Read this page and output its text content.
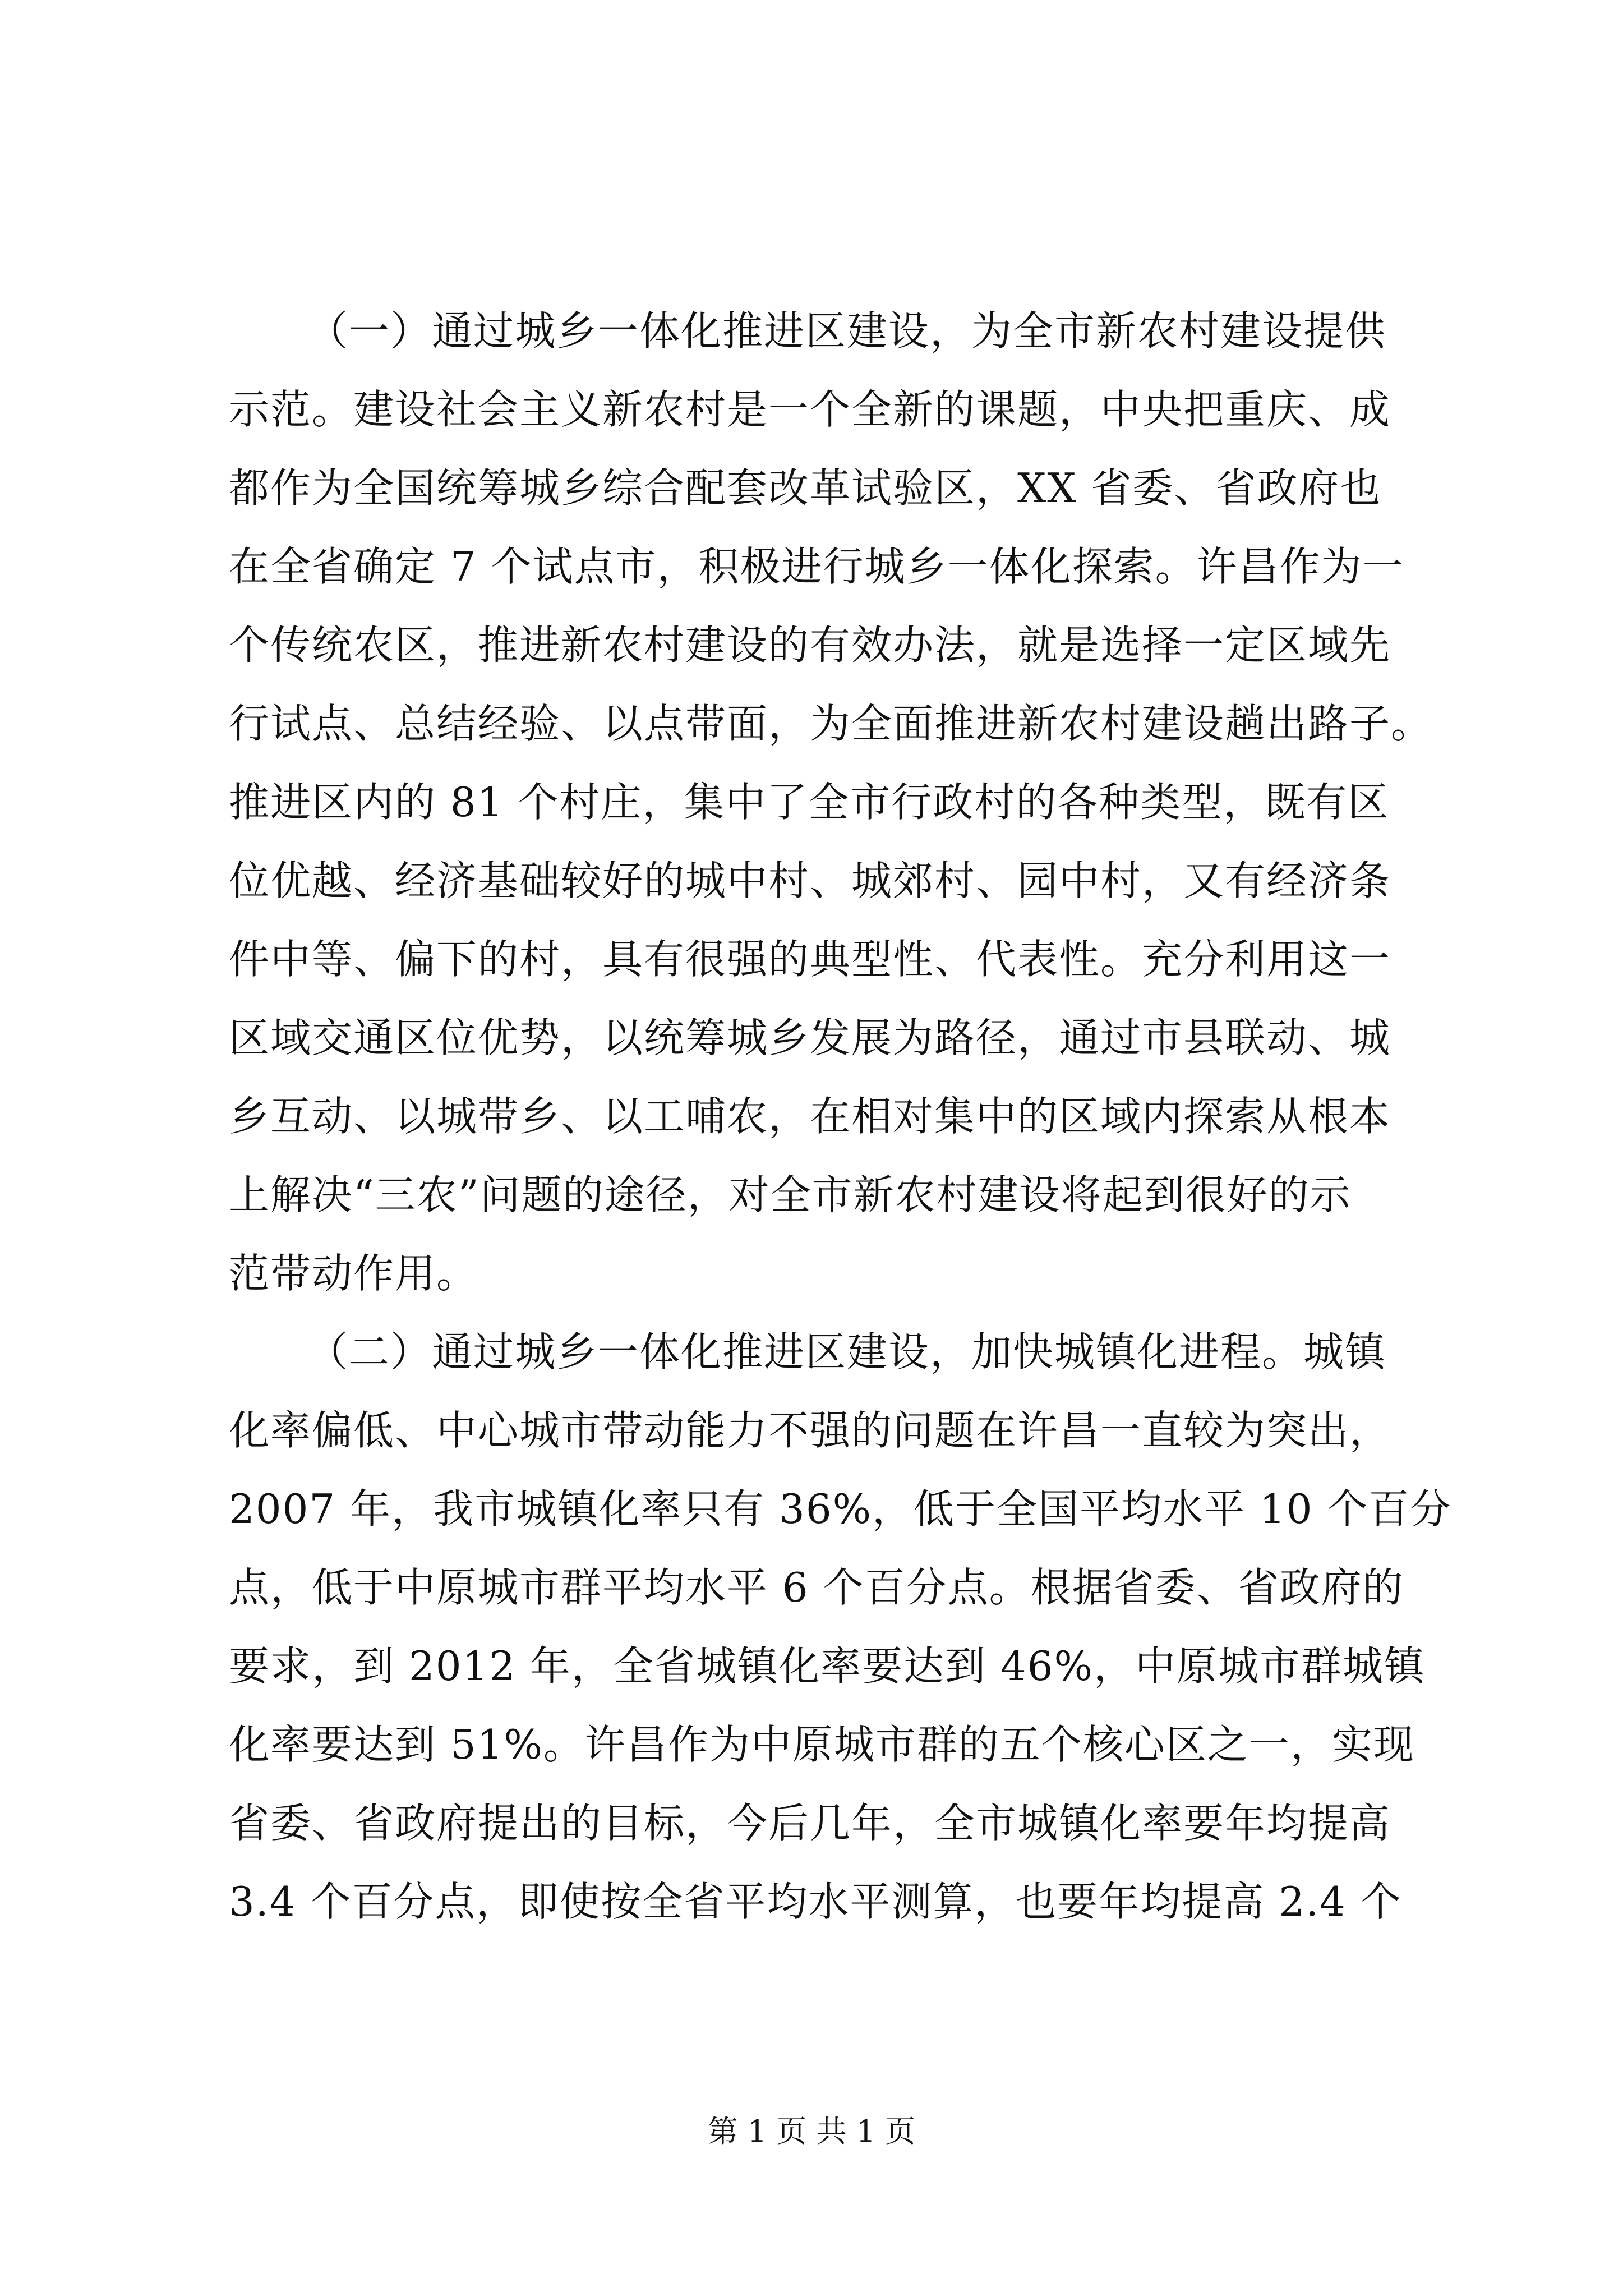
（一）通过城乡一体化推进区建设，为全市新农村建设提供
示范。建设社会主义新农村是一个全新的课题，中央把重庆、成
都作为全国统筹城乡综合配套改革试验区，XX 省委、省政府也
在全省确定 7 个试点市，积极进行城乡一体化探索。许昌作为一
个传统农区，推进新农村建设的有效办法，就是选择一定区域先
行试点、总结经验、以点带面，为全面推进新农村建设趟出路子。
推进区内的 81 个村庄，集中了全市行政村的各种类型，既有区
位优越、经济基础较好的城中村、城郊村、园中村，又有经济条
件中等、偏下的村，具有很强的典型性、代表性。充分利用这一
区域交通区位优势，以统筹城乡发展为路径，通过市县联动、城
乡互动、以城带乡、以工哺农，在相对集中的区域内探索从根本
上解决“三农”问题的途径，对全市新农村建设将起到很好的示
范带动作用。
（二）通过城乡一体化推进区建设，加快城镇化进程。城镇
化率偏低、中心城市带动能力不强的问题在许昌一直较为突出，
2007 年，我市城镇化率只有 36%，低于全国平均水平 10 个百分
点，低于中原城市群平均水平 6 个百分点。根据省委、省政府的
要求，到 2012 年，全省城镇化率要达到 46%，中原城市群城镇
化率要达到 51%。许昌作为中原城市群的五个核心区之一，实现
省委、省政府提出的目标，今后几年，全市城镇化率要年均提高
3.4 个百分点，即使按全省平均水平测算，也要年均提高 2.4 个
第 1 页 共 1 页
